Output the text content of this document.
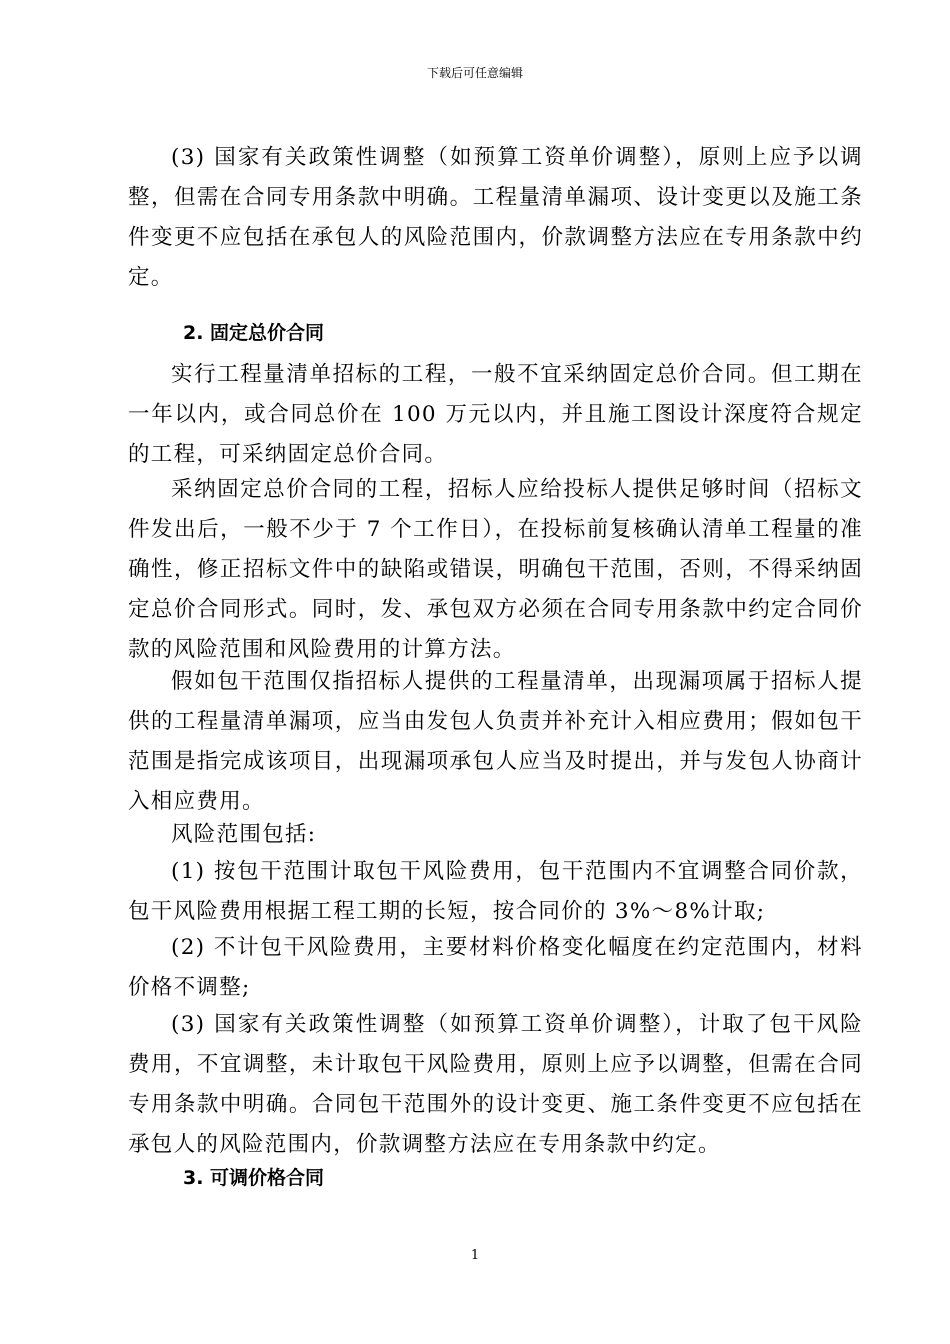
下载后可任意编辑

(3) 国家有关政策性调整（如预算工资单价调整），原则上应予以调整，但需在合同专用条款中明确。工程量清单漏项、设计变更以及施工条件变更不应包括在承包人的风险范围内，价款调整方法应在专用条款中约定。

2. 固定总价合同

实行工程量清单招标的工程，一般不宜采纳固定总价合同。但工期在一年以内，或合同总价在 100 万元以内，并且施工图设计深度符合规定的工程，可采纳固定总价合同。

采纳固定总价合同的工程，招标人应给投标人提供足够时间（招标文件发出后，一般不少于 7 个工作日），在投标前复核确认清单工程量的准确性，修正招标文件中的缺陷或错误，明确包干范围，否则，不得采纳固定总价合同形式。同时，发、承包双方必须在合同专用条款中约定合同价款的风险范围和风险费用的计算方法。

假如包干范围仅指招标人提供的工程量清单，出现漏项属于招标人提供的工程量清单漏项，应当由发包人负责并补充计入相应费用；假如包干范围是指完成该项目，出现漏项承包人应当及时提出，并与发包人协商计入相应费用。

风险范围包括:

(1) 按包干范围计取包干风险费用，包干范围内不宜调整合同价款，包干风险费用根据工程工期的长短，按合同价的 3%～8%计取;

(2) 不计包干风险费用，主要材料价格变化幅度在约定范围内，材料价格不调整;

(3) 国家有关政策性调整（如预算工资单价调整），计取了包干风险费用，不宜调整，未计取包干风险费用，原则上应予以调整，但需在合同专用条款中明确。合同包干范围外的设计变更、施工条件变更不应包括在承包人的风险范围内，价款调整方法应在专用条款中约定。

3. 可调价格合同
1
